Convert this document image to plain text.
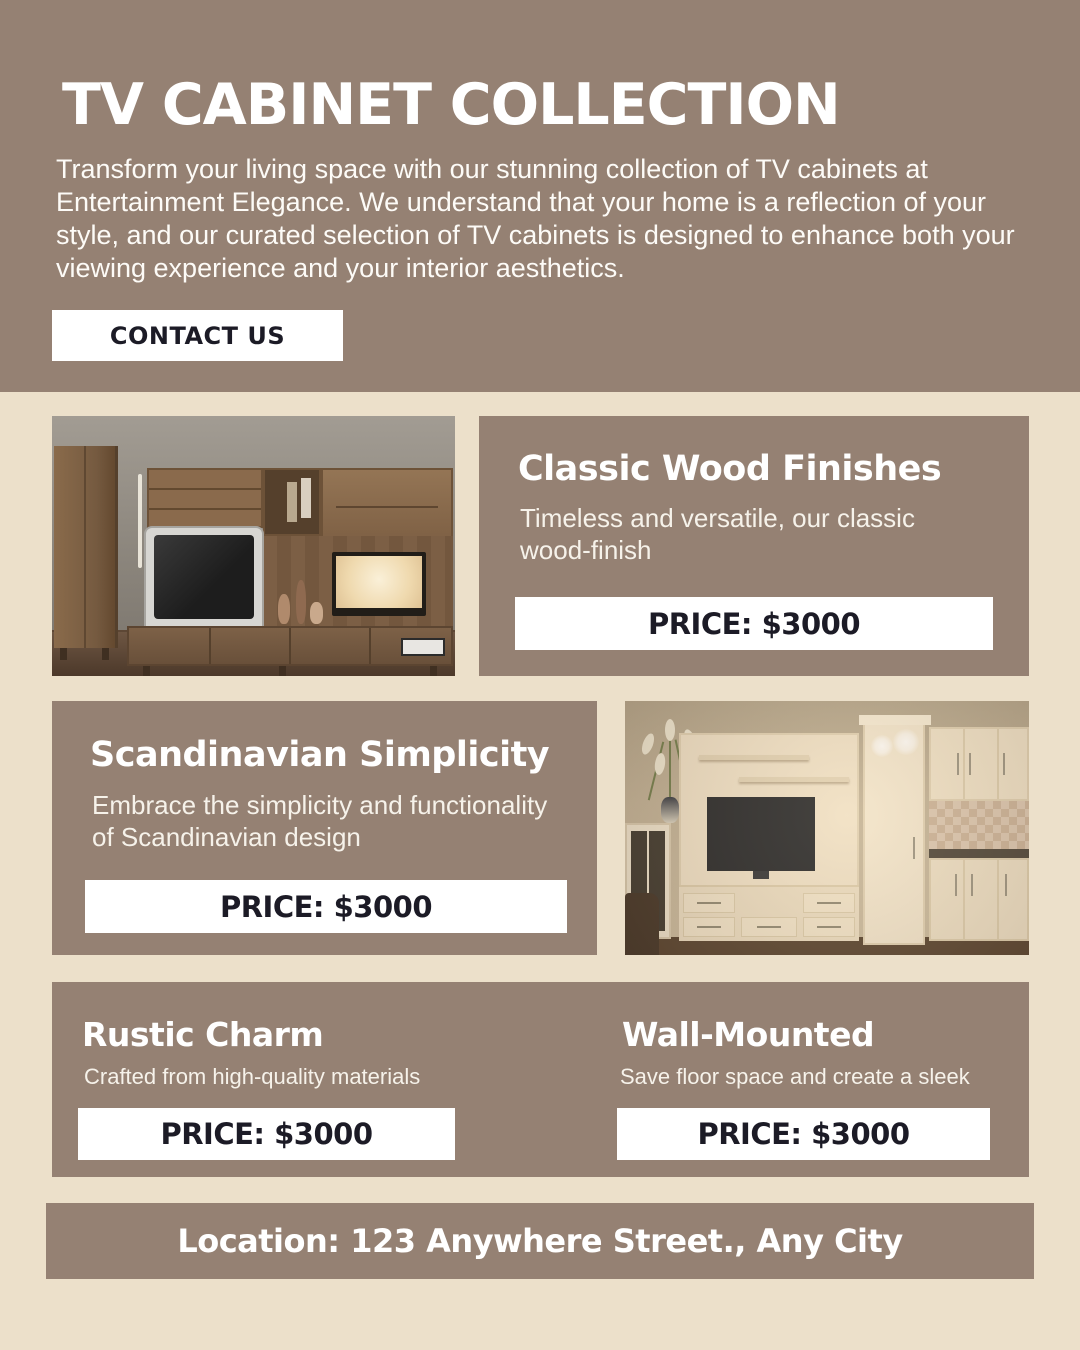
TV CABINET COLLECTION

Transform your living space with our stunning collection of TV cabinets at Entertainment Elegance. We understand that your home is a reflection of your style, and our curated selection of TV cabinets is designed to enhance both your viewing experience and your interior aesthetics.

CONTACT US
Classic Wood Finishes
Timeless and versatile, our classic wood-finish
PRICE: $3000
Scandinavian Simplicity
Embrace the simplicity and functionality of Scandinavian design
PRICE: $3000
Rustic Charm
Crafted from high-quality materials
PRICE: $3000
Wall-Mounted
Save floor space and create a sleek
PRICE: $3000
Location: 123 Anywhere Street., Any City
